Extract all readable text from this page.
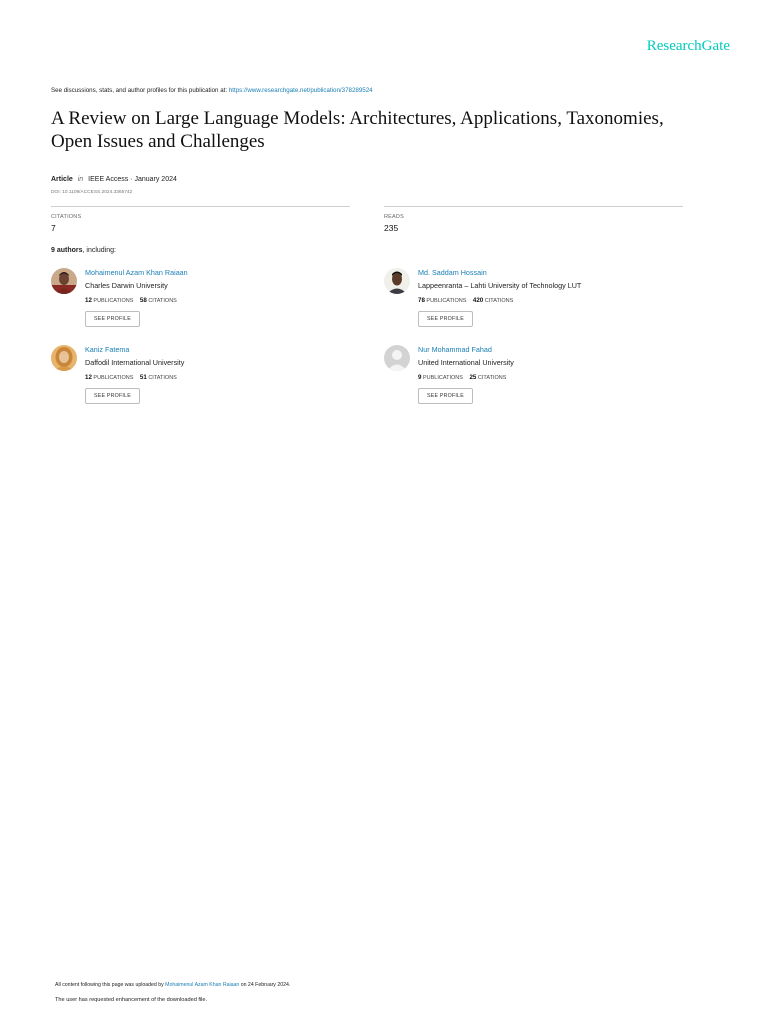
ResearchGate
See discussions, stats, and author profiles for this publication at: https://www.researchgate.net/publication/378289524
A Review on Large Language Models: Architectures, Applications, Taxonomies, Open Issues and Challenges
Article in IEEE Access · January 2024
DOI: 10.1109/ACCESS.2024.3365742
CITATIONS
7
READS
235
9 authors, including:
Mohaimenul Azam Khan Raiaan
Charles Darwin University
12 PUBLICATIONS 58 CITATIONS
SEE PROFILE
Md. Saddam Hossain
Lappeenranta – Lahti University of Technology LUT
78 PUBLICATIONS 420 CITATIONS
SEE PROFILE
Kaniz Fatema
Daffodil International University
12 PUBLICATIONS 51 CITATIONS
SEE PROFILE
Nur Mohammad Fahad
United International University
9 PUBLICATIONS 25 CITATIONS
SEE PROFILE
All content following this page was uploaded by Mohaimenul Azam Khan Raiaan on 24 February 2024.
The user has requested enhancement of the downloaded file.
